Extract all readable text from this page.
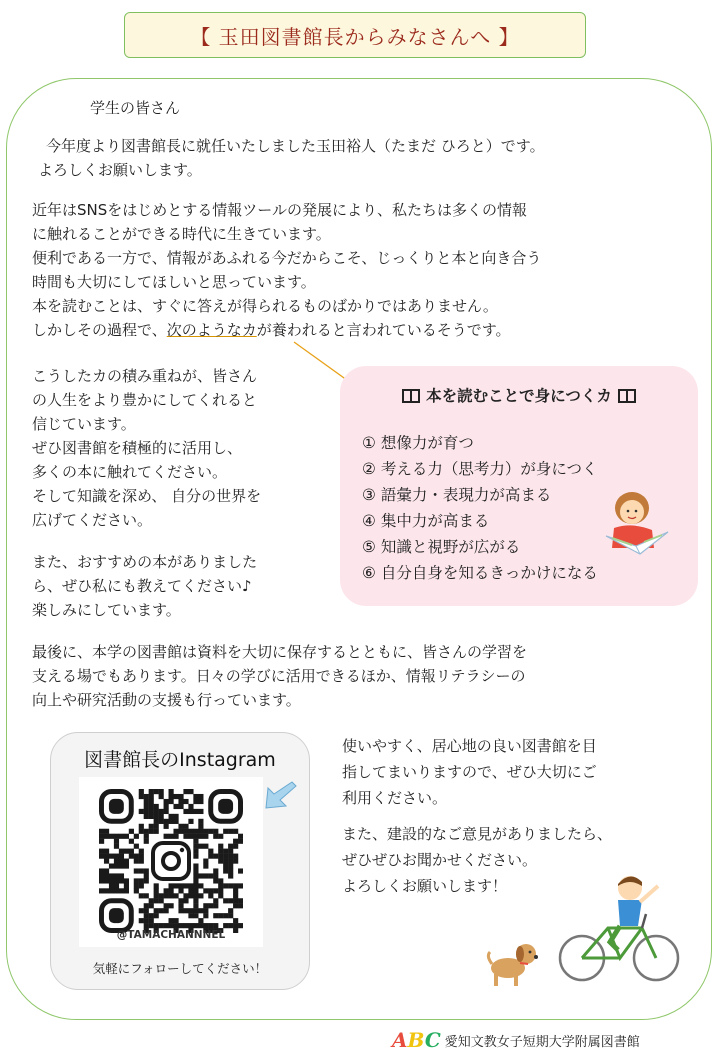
【 玉田図書館長からみなさんへ 】
学生の皆さん
今年度より図書館長に就任いたしました玉田裕人（たまだ ひろと）です。
よろしくお願いします。
近年はSNSをはじめとする情報ツールの発展により、私たちは多くの情報
に触れることができる時代に生きています。
便利である一方で、情報があふれる今だからこそ、じっくりと本と向き合う
時間も大切にしてほしいと思っています。
本を読むことは、すぐに答えが得られるものばかりではありません。
しかしその過程で、次のようなカが養われると言われているそうです。
こうしたカの積み重ねが、皆さん
の人生をより豊かにしてくれると
信じています。
ぜひ図書館を積極的に活用し、
多くの本に触れてください。
そして知識を深め、 自分の世界を
広げてください。
また、おすすめの本がありました
ら、ぜひ私にも教えてください♪
楽しみにしています。
本を読むことで身につくカ
① 想像力が育つ
② 考える力（思考力）が身につく
③ 語彙力・表現力が高まる
④ 集中力が高まる
⑤ 知識と視野が広がる
⑥ 自分自身を知るきっかけになる
最後に、本学の図書館は資料を大切に保存するとともに、皆さんの学習を
支える場でもあります。日々の学びに活用できるほか、情報リテラシーの
向上や研究活動の支援も行っています。
図書館長のInstagram
@TAMACHANNNEL
気軽にフォローしてください！
使いやすく、居心地の良い図書館を目
指してまいりますので、ぜひ大切にご
利用ください。
また、建設的なご意見がありましたら、
ぜひぜひお聞かせください。
よろしくお願いします！
ABC 愛知文教女子短期大学附属図書館
